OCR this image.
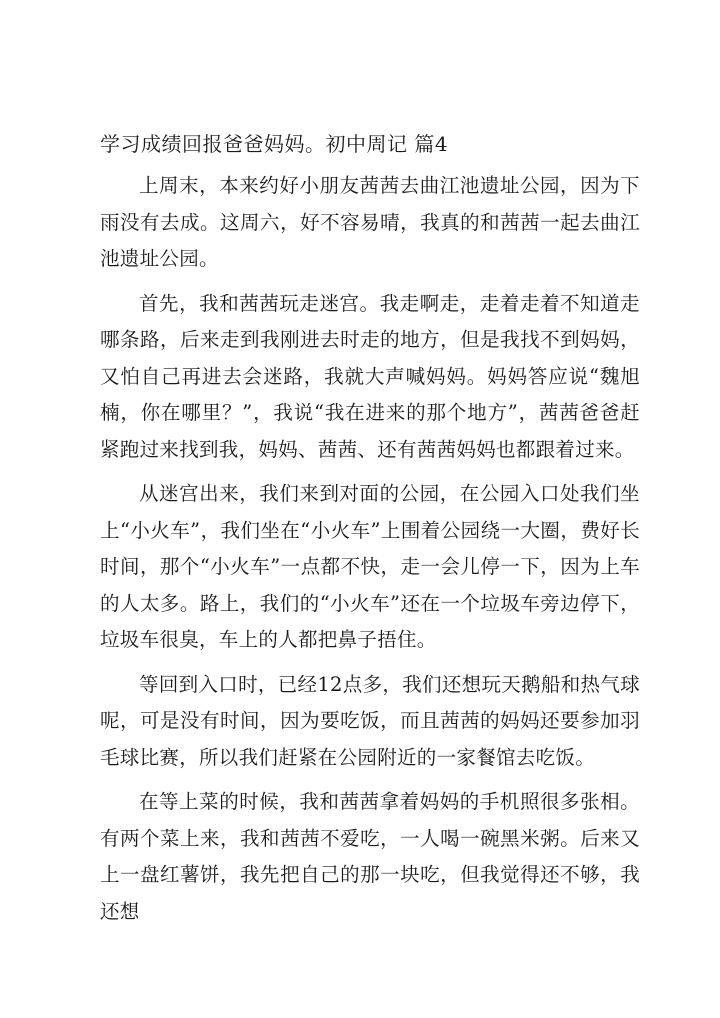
学习成绩回报爸爸妈妈。初中周记 篇4

上周末，本来约好小朋友茜茜去曲江池遗址公园，因为下雨没有去成。这周六，好不容易晴，我真的和茜茜一起去曲江池遗址公园。

首先，我和茜茜玩走迷宫。我走啊走，走着走着不知道走哪条路，后来走到我刚进去时走的地方，但是我找不到妈妈，又怕自己再进去会迷路，我就大声喊妈妈。妈妈答应说“魏旭楠，你在哪里？”，我说“我在进来的那个地方”，茜茜爸爸赶紧跑过来找到我，妈妈、茜茜、还有茜茜妈妈也都跟着过来。

从迷宫出来，我们来到对面的公园，在公园入口处我们坐上“小火车”，我们坐在“小火车”上围着公园绕一大圈，费好长时间，那个“小火车”一点都不快，走一会儿停一下，因为上车的人太多。路上，我们的“小火车”还在一个垃圾车旁边停下，垃圾车很臭，车上的人都把鼻子捂住。

等回到入口时，已经12点多，我们还想玩天鹅船和热气球呢，可是没有时间，因为要吃饭，而且茜茜的妈妈还要参加羽毛球比赛，所以我们赶紧在公园附近的一家餐馆去吃饭。

在等上菜的时候，我和茜茜拿着妈妈的手机照很多张相。有两个菜上来，我和茜茜不爱吃，一人喝一碗黑米粥。后来又上一盘红薯饼，我先把自己的那一块吃，但我觉得还不够，我还想
